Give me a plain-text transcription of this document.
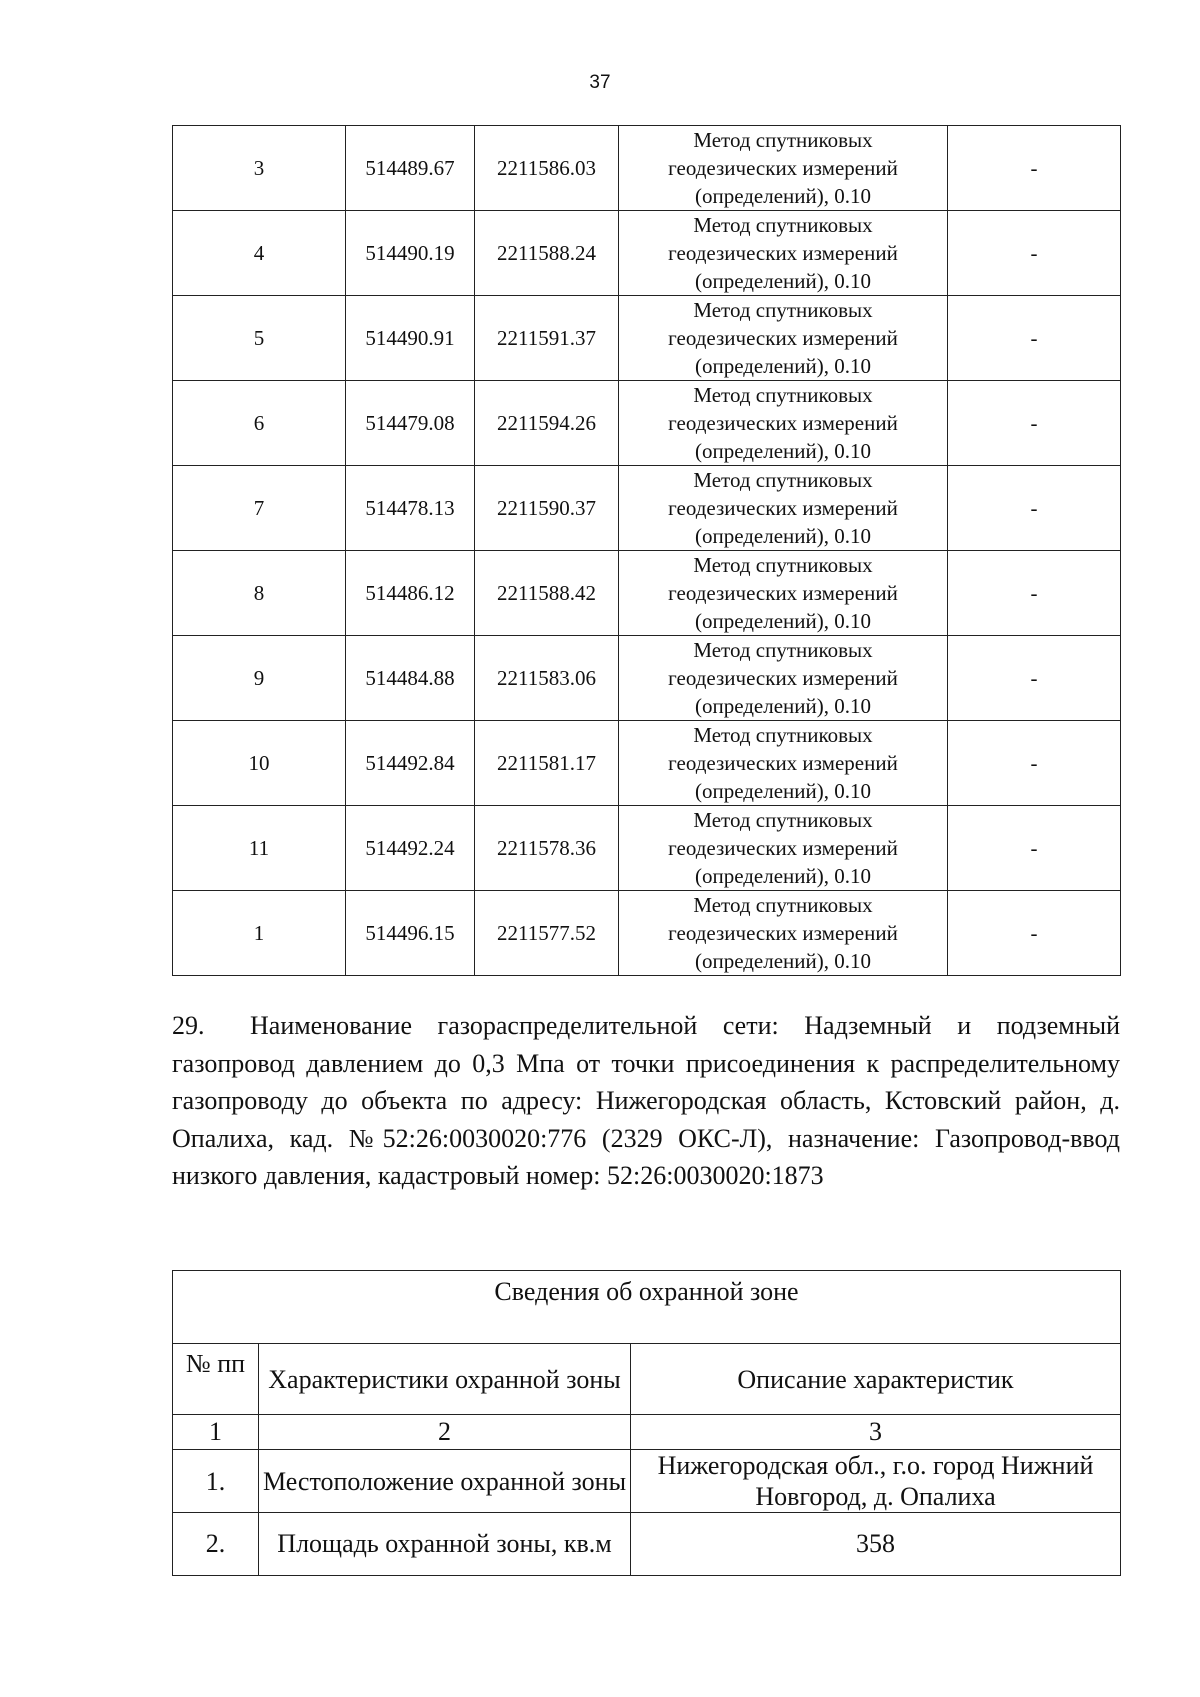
37
3	514489.67	2211586.03	Метод спутниковых
геодезических измерений
(определений), 0.10	-
4	514490.19	2211588.24	Метод спутниковых
геодезических измерений
(определений), 0.10	-
5	514490.91	2211591.37	Метод спутниковых
геодезических измерений
(определений), 0.10	-
6	514479.08	2211594.26	Метод спутниковых
геодезических измерений
(определений), 0.10	-
7	514478.13	2211590.37	Метод спутниковых
геодезических измерений
(определений), 0.10	-
8	514486.12	2211588.42	Метод спутниковых
геодезических измерений
(определений), 0.10	-
9	514484.88	2211583.06	Метод спутниковых
геодезических измерений
(определений), 0.10	-
10	514492.84	2211581.17	Метод спутниковых
геодезических измерений
(определений), 0.10	-
11	514492.24	2211578.36	Метод спутниковых
геодезических измерений
(определений), 0.10	-
1	514496.15	2211577.52	Метод спутниковых
геодезических измерений
(определений), 0.10	-
29. Наименование газораспределительной сети: Надземный и подземный газопровод давлением до 0,3 Мпа от точки присоединения к распределительному газопроводу до объекта по адресу: Нижегородская область, Кстовский район, д. Опалиха, кад. №52:26:0030020:776 (2329 ОКС-Л), назначение: Газопровод-ввод низкого давления, кадастровый номер: 52:26:0030020:1873
Сведения об охранной зоне		
№ пп	Характеристики охранной зоны	Описание характеристик
1	2	3
1.	Местоположение охранной зоны	Нижегородская обл., г.о. город Нижний Новгород, д. Опалиха
2.	Площадь охранной зоны, кв.м	358
